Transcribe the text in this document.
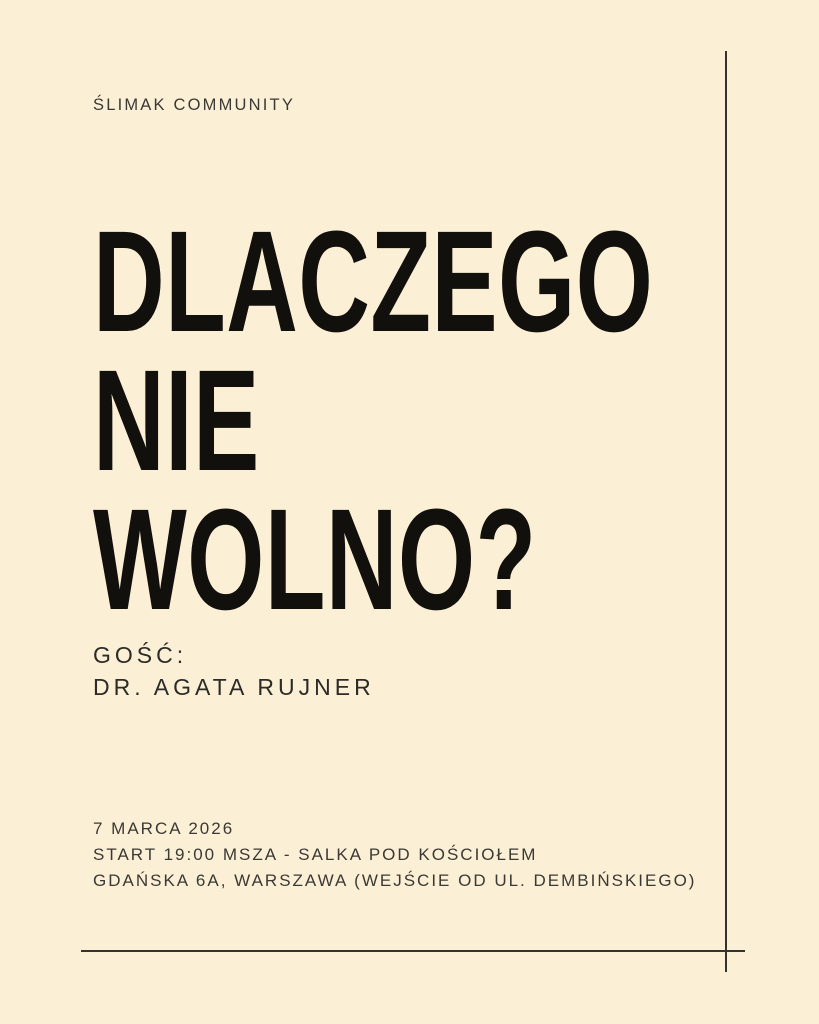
ŚLIMAK COMMUNITY
DLACZEGO
NIE
WOLNO?
GOŚĆ:
DR. AGATA RUJNER
7 MARCA 2026
START 19:00 MSZA - SALKA POD KOŚCIOŁEM
GDAŃSKA 6A, WARSZAWA (WEJŚCIE OD UL. DEMBIŃSKIEGO)
